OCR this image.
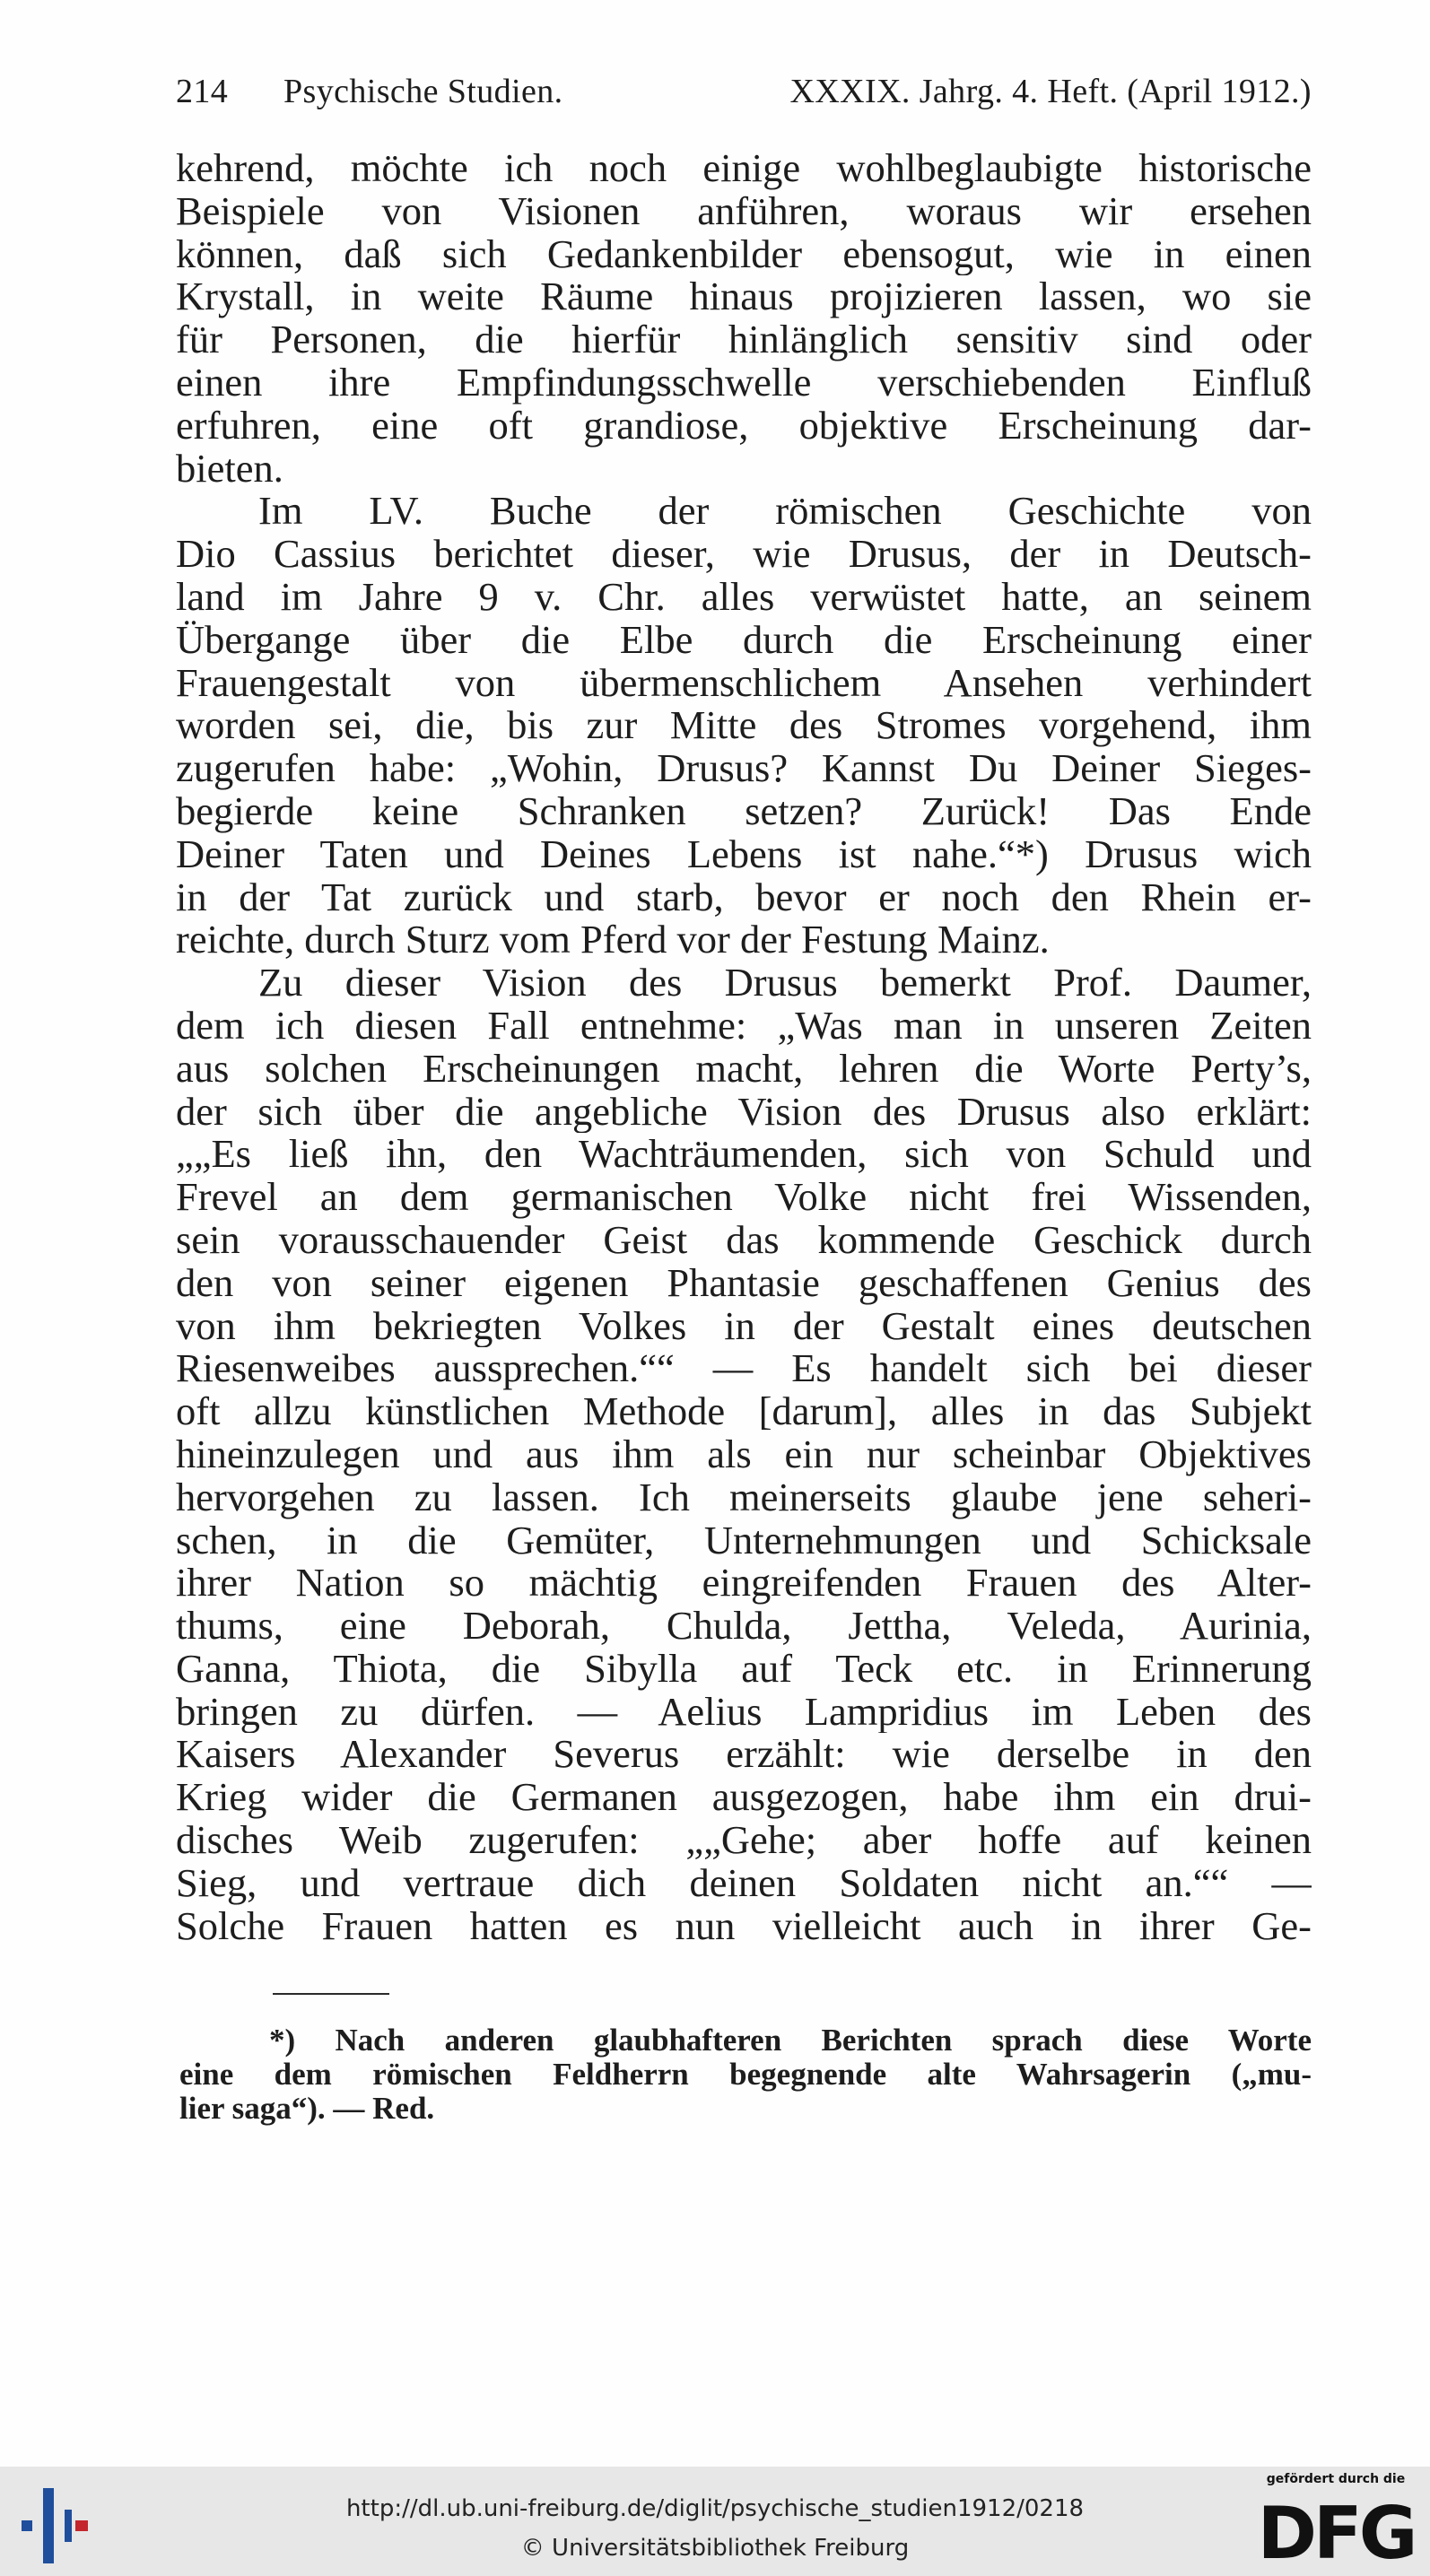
214 Psychische Studien.	XXXIX. Jahrg. 4. Heft. (April 1912.)
kehrend, möchte ich noch einige wohlbeglaubigte historische
Beispiele von Visionen anführen, woraus wir ersehen
können, daß sich Gedankenbilder ebensogut, wie in einen
Krystall, in weite Räume hinaus projizieren lassen, wo sie
für Personen, die hierfür hinlänglich sensitiv sind oder
einen ihre Empfindungsschwelle verschiebenden Einfluß
erfuhren, eine oft grandiose, objektive Erscheinung dar-
bieten.
Im LV. Buche der römischen Geschichte von
Dio Cassius berichtet dieser, wie Drusus, der in Deutsch-
land im Jahre 9 v. Chr. alles verwüstet hatte, an seinem
Übergange über die Elbe durch die Erscheinung einer
Frauengestalt von übermenschlichem Ansehen verhindert
worden sei, die, bis zur Mitte des Stromes vorgehend, ihm
zugerufen habe: „Wohin, Drusus? Kannst Du Deiner Sieges-
begierde keine Schranken setzen? Zurück! Das Ende
Deiner Taten und Deines Lebens ist nahe.“*) Drusus wich
in der Tat zurück und starb, bevor er noch den Rhein er-
reichte, durch Sturz vom Pferd vor der Festung Mainz.
Zu dieser Vision des Drusus bemerkt Prof. Daumer,
dem ich diesen Fall entnehme: „Was man in unseren Zeiten
aus solchen Erscheinungen macht, lehren die Worte Perty’s,
der sich über die angebliche Vision des Drusus also erklärt:
„„Es ließ ihn, den Wachträumenden, sich von Schuld und
Frevel an dem germanischen Volke nicht frei Wissenden,
sein vorausschauender Geist das kommende Geschick durch
den von seiner eigenen Phantasie geschaffenen Genius des
von ihm bekriegten Volkes in der Gestalt eines deutschen
Riesenweibes aussprechen.““ — Es handelt sich bei dieser
oft allzu künstlichen Methode [darum], alles in das Subjekt
hineinzulegen und aus ihm als ein nur scheinbar Objektives
hervorgehen zu lassen. Ich meinerseits glaube jene seheri-
schen, in die Gemüter, Unternehmungen und Schicksale
ihrer Nation so mächtig eingreifenden Frauen des Alter-
thums, eine Deborah, Chulda, Jettha, Veleda, Aurinia,
Ganna, Thiota, die Sibylla auf Teck etc. in Erinnerung
bringen zu dürfen. — Aelius Lampridius im Leben des
Kaisers Alexander Severus erzählt: wie derselbe in den
Krieg wider die Germanen ausgezogen, habe ihm ein drui-
disches Weib zugerufen: „„Gehe; aber hoffe auf keinen
Sieg, und vertraue dich deinen Soldaten nicht an.““ —
Solche Frauen hatten es nun vielleicht auch in ihrer Ge-
*) Nach anderen glaubhafteren Berichten sprach diese Worte
eine dem römischen Feldherrn begegnende alte Wahrsagerin („mu-
lier saga“). — Red.
http://dl.ub.uni-freiburg.de/diglit/psychische_studien1912/0218
© Universitätsbibliothek Freiburg
gefördert durch die
DFG
